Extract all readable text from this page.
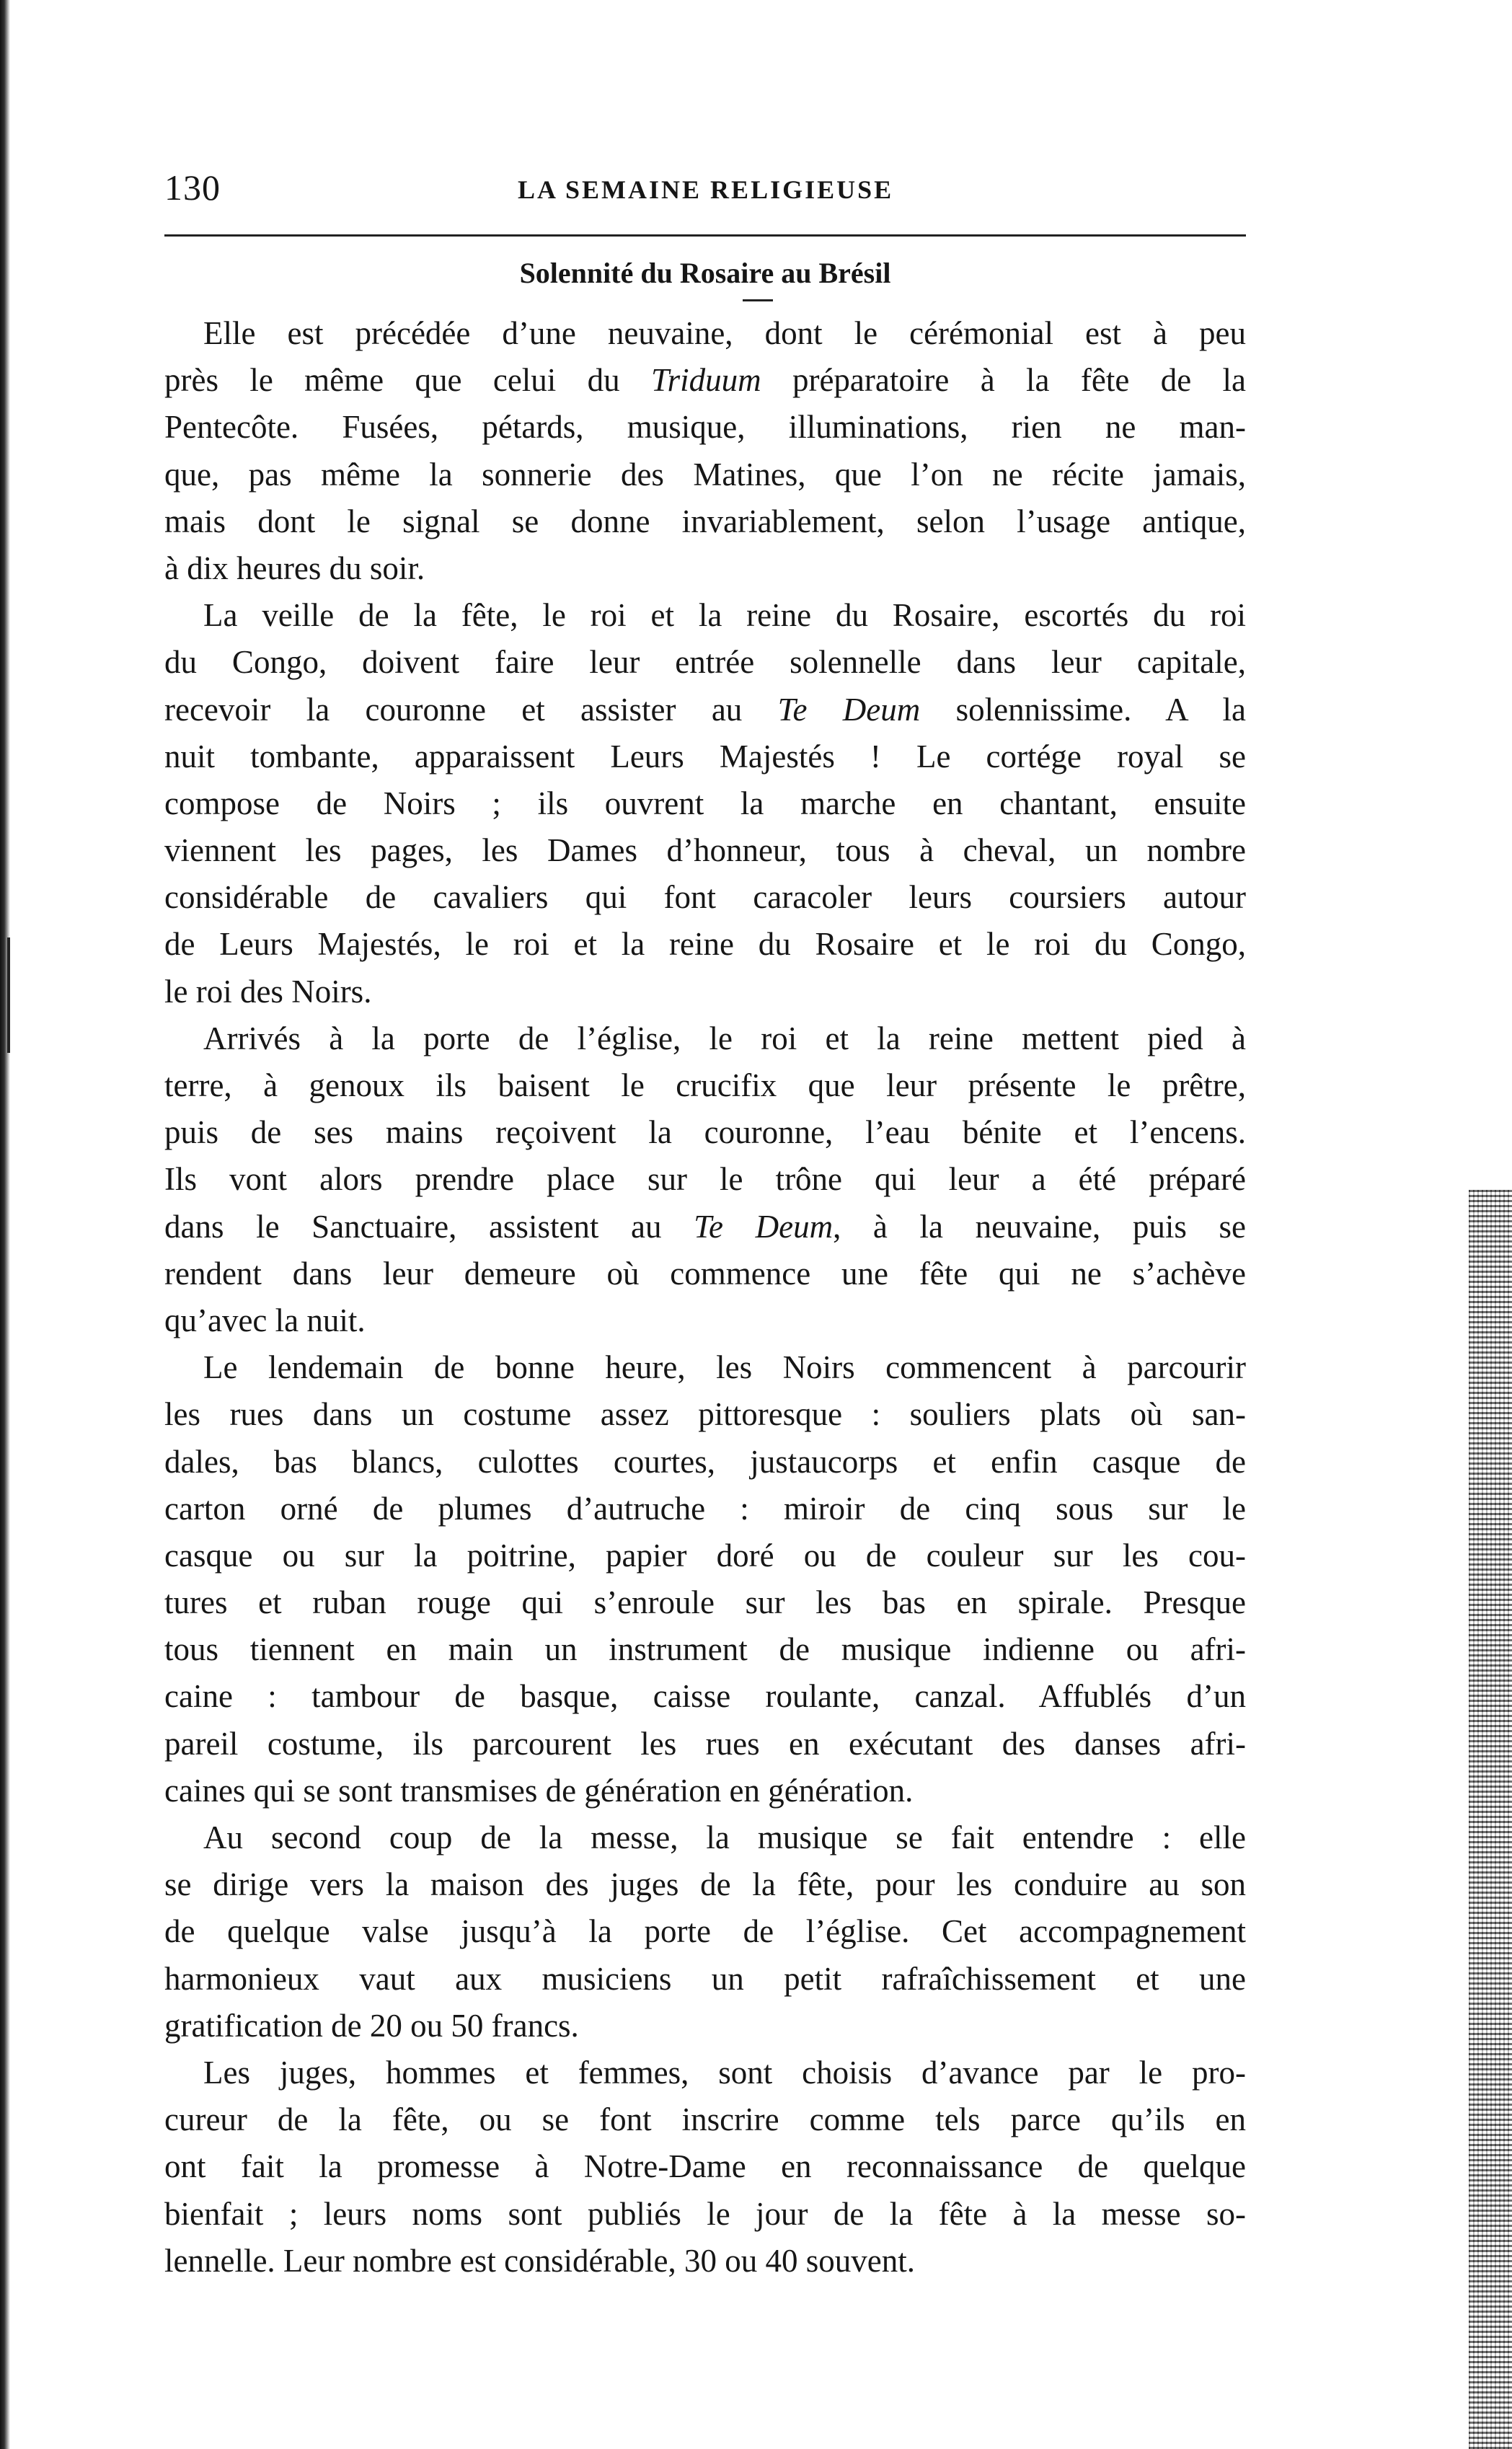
130	LA SEMAINE RELIGIEUSE
Solennité du Rosaire au Brésil
Elle est précédée d’une neuvaine, dont le cérémonial est à peu
près le même que celui du Triduum préparatoire à la fête de la
Pentecôte. Fusées, pétards, musique, illuminations, rien ne man-
que, pas même la sonnerie des Matines, que l’on ne récite jamais,
mais dont le signal se donne invariablement, selon l’usage antique,
à dix heures du soir.
La veille de la fête, le roi et la reine du Rosaire, escortés du roi
du Congo, doivent faire leur entrée solennelle dans leur capitale,
recevoir la couronne et assister au Te Deum solennissime. A la
nuit tombante, apparaissent Leurs Majestés ! Le cortége royal se
compose de Noirs ; ils ouvrent la marche en chantant, ensuite
viennent les pages, les Dames d’honneur, tous à cheval, un nombre
considérable de cavaliers qui font caracoler leurs coursiers autour
de Leurs Majestés, le roi et la reine du Rosaire et le roi du Congo,
le roi des Noirs.
Arrivés à la porte de l’église, le roi et la reine mettent pied à
terre, à genoux ils baisent le crucifix que leur présente le prêtre,
puis de ses mains reçoivent la couronne, l’eau bénite et l’encens.
Ils vont alors prendre place sur le trône qui leur a été préparé
dans le Sanctuaire, assistent au Te Deum, à la neuvaine, puis se
rendent dans leur demeure où commence une fête qui ne s’achève
qu’avec la nuit.
Le lendemain de bonne heure, les Noirs commencent à parcourir
les rues dans un costume assez pittoresque : souliers plats où san-
dales, bas blancs, culottes courtes, justaucorps et enfin casque de
carton orné de plumes d’autruche : miroir de cinq sous sur le
casque ou sur la poitrine, papier doré ou de couleur sur les cou-
tures et ruban rouge qui s’enroule sur les bas en spirale. Presque
tous tiennent en main un instrument de musique indienne ou afri-
caine : tambour de basque, caisse roulante, canzal. Affublés d’un
pareil costume, ils parcourent les rues en exécutant des danses afri-
caines qui se sont transmises de génération en génération.
Au second coup de la messe, la musique se fait entendre : elle
se dirige vers la maison des juges de la fête, pour les conduire au son
de quelque valse jusqu’à la porte de l’église. Cet accompagnement
harmonieux vaut aux musiciens un petit rafraîchissement et une
gratification de 20 ou 50 francs.
Les juges, hommes et femmes, sont choisis d’avance par le pro-
cureur de la fête, ou se font inscrire comme tels parce qu’ils en
ont fait la promesse à Notre-Dame en reconnaissance de quelque
bienfait ; leurs noms sont publiés le jour de la fête à la messe so-
lennelle. Leur nombre est considérable, 30 ou 40 souvent.
